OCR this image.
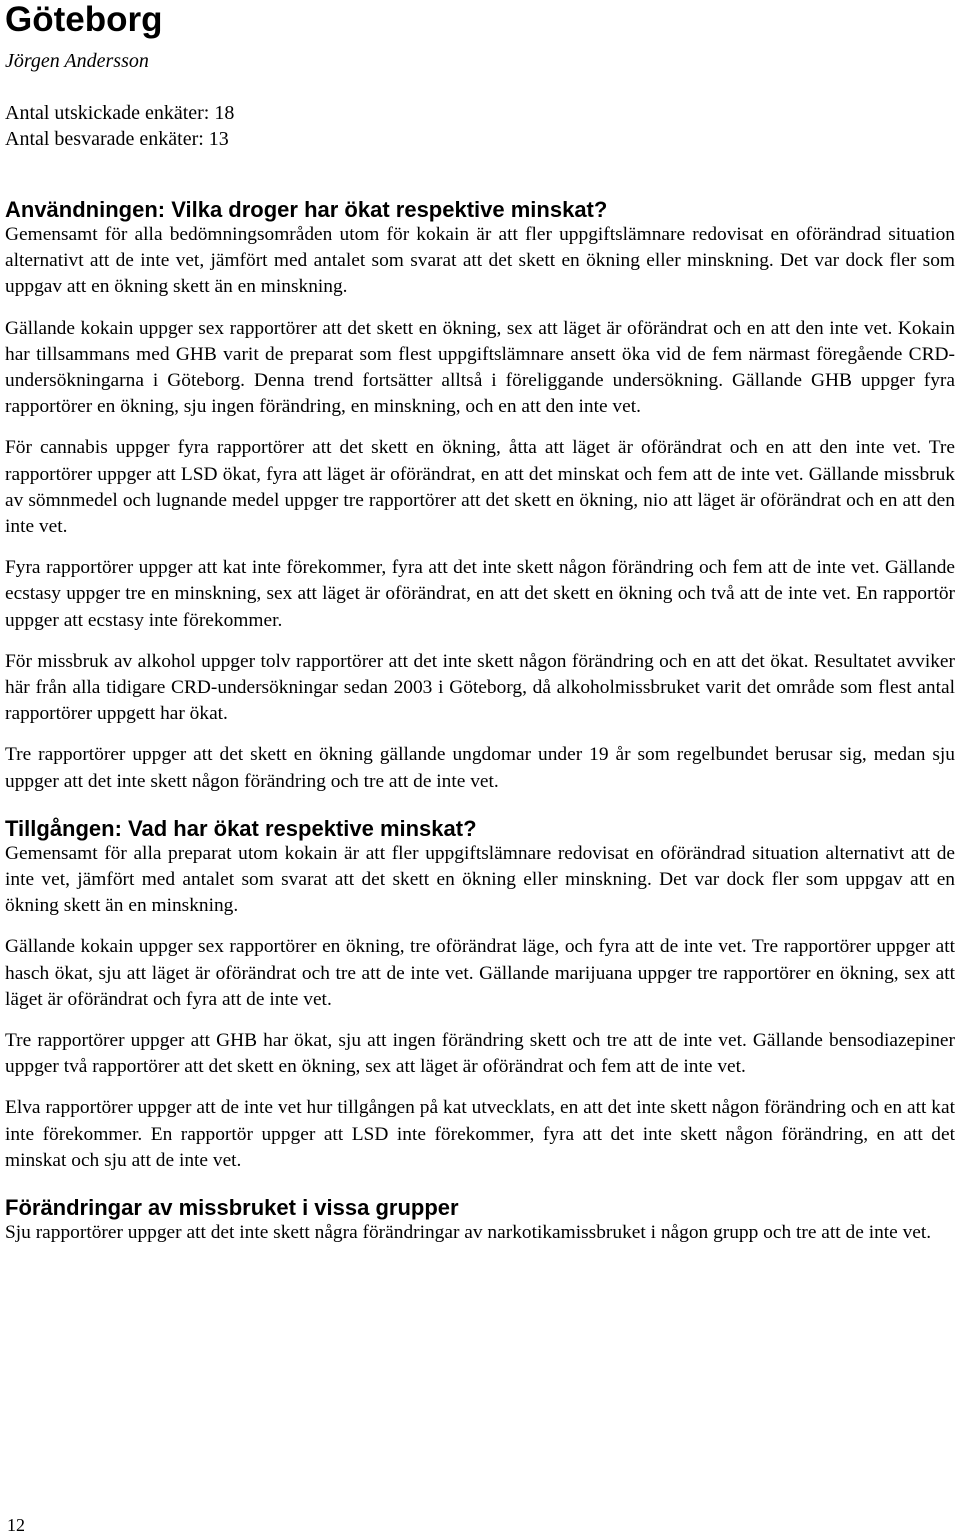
Göteborg
Jörgen Andersson
Antal utskickade enkäter: 18
Antal besvarade enkäter: 13
Användningen: Vilka droger har ökat respektive minskat?

Gemensamt för alla bedömningsområden utom för kokain är att fler uppgiftslämnare redovisat en oförändrad situation alternativt att de inte vet, jämfört med antalet som svarat att det skett en ökning eller minskning. Det var dock fler som uppgav att en ökning skett än en minskning.

Gällande kokain uppger sex rapportörer att det skett en ökning, sex att läget är oförändrat och en att den inte vet. Kokain har tillsammans med GHB varit de preparat som flest uppgiftslämnare ansett öka vid de fem närmast föregående CRD-undersökningarna i Göteborg. Denna trend fortsätter alltså i föreliggande undersökning. Gällande GHB uppger fyra rapportörer en ökning, sju ingen förändring, en minskning, och en att den inte vet.

För cannabis uppger fyra rapportörer att det skett en ökning, åtta att läget är oförändrat och en att den inte vet. Tre rapportörer uppger att LSD ökat, fyra att läget är oförändrat, en att det minskat och fem att de inte vet. Gällande missbruk av sömnmedel och lugnande medel uppger tre rapportörer att det skett en ökning, nio att läget är oförändrat och en att den inte vet.

Fyra rapportörer uppger att kat inte förekommer, fyra att det inte skett någon förändring och fem att de inte vet. Gällande ecstasy uppger tre en minskning, sex att läget är oförändrat, en att det skett en ökning och två att de inte vet. En rapportör uppger att ecstasy inte förekommer.

För missbruk av alkohol uppger tolv rapportörer att det inte skett någon förändring och en att det ökat. Resultatet avviker här från alla tidigare CRD-undersökningar sedan 2003 i Göteborg, då alkoholmissbruket varit det område som flest antal rapportörer uppgett har ökat.

Tre rapportörer uppger att det skett en ökning gällande ungdomar under 19 år som regelbundet berusar sig, medan sju uppger att det inte skett någon förändring och tre att de inte vet.

Tillgången: Vad har ökat respektive minskat?

Gemensamt för alla preparat utom kokain är att fler uppgiftslämnare redovisat en oförändrad situation alternativt att de inte vet, jämfört med antalet som svarat att det skett en ökning eller minskning. Det var dock fler som uppgav att en ökning skett än en minskning.

Gällande kokain uppger sex rapportörer en ökning, tre oförändrat läge, och fyra att de inte vet. Tre rapportörer uppger att hasch ökat, sju att läget är oförändrat och tre att de inte vet. Gällande marijuana uppger tre rapportörer en ökning, sex att läget är oförändrat och fyra att de inte vet.

Tre rapportörer uppger att GHB har ökat, sju att ingen förändring skett och tre att de inte vet. Gällande bensodiazepiner uppger två rapportörer att det skett en ökning, sex att läget är oförändrat och fem att de inte vet.

Elva rapportörer uppger att de inte vet hur tillgången på kat utvecklats, en att det inte skett någon förändring och en att kat inte förekommer. En rapportör uppger att LSD inte förekommer, fyra att det inte skett någon förändring, en att det minskat och sju att de inte vet.

Förändringar av missbruket i vissa grupper

Sju rapportörer uppger att det inte skett några förändringar av narkotikamissbruket i någon grupp och tre att de inte vet.

12
